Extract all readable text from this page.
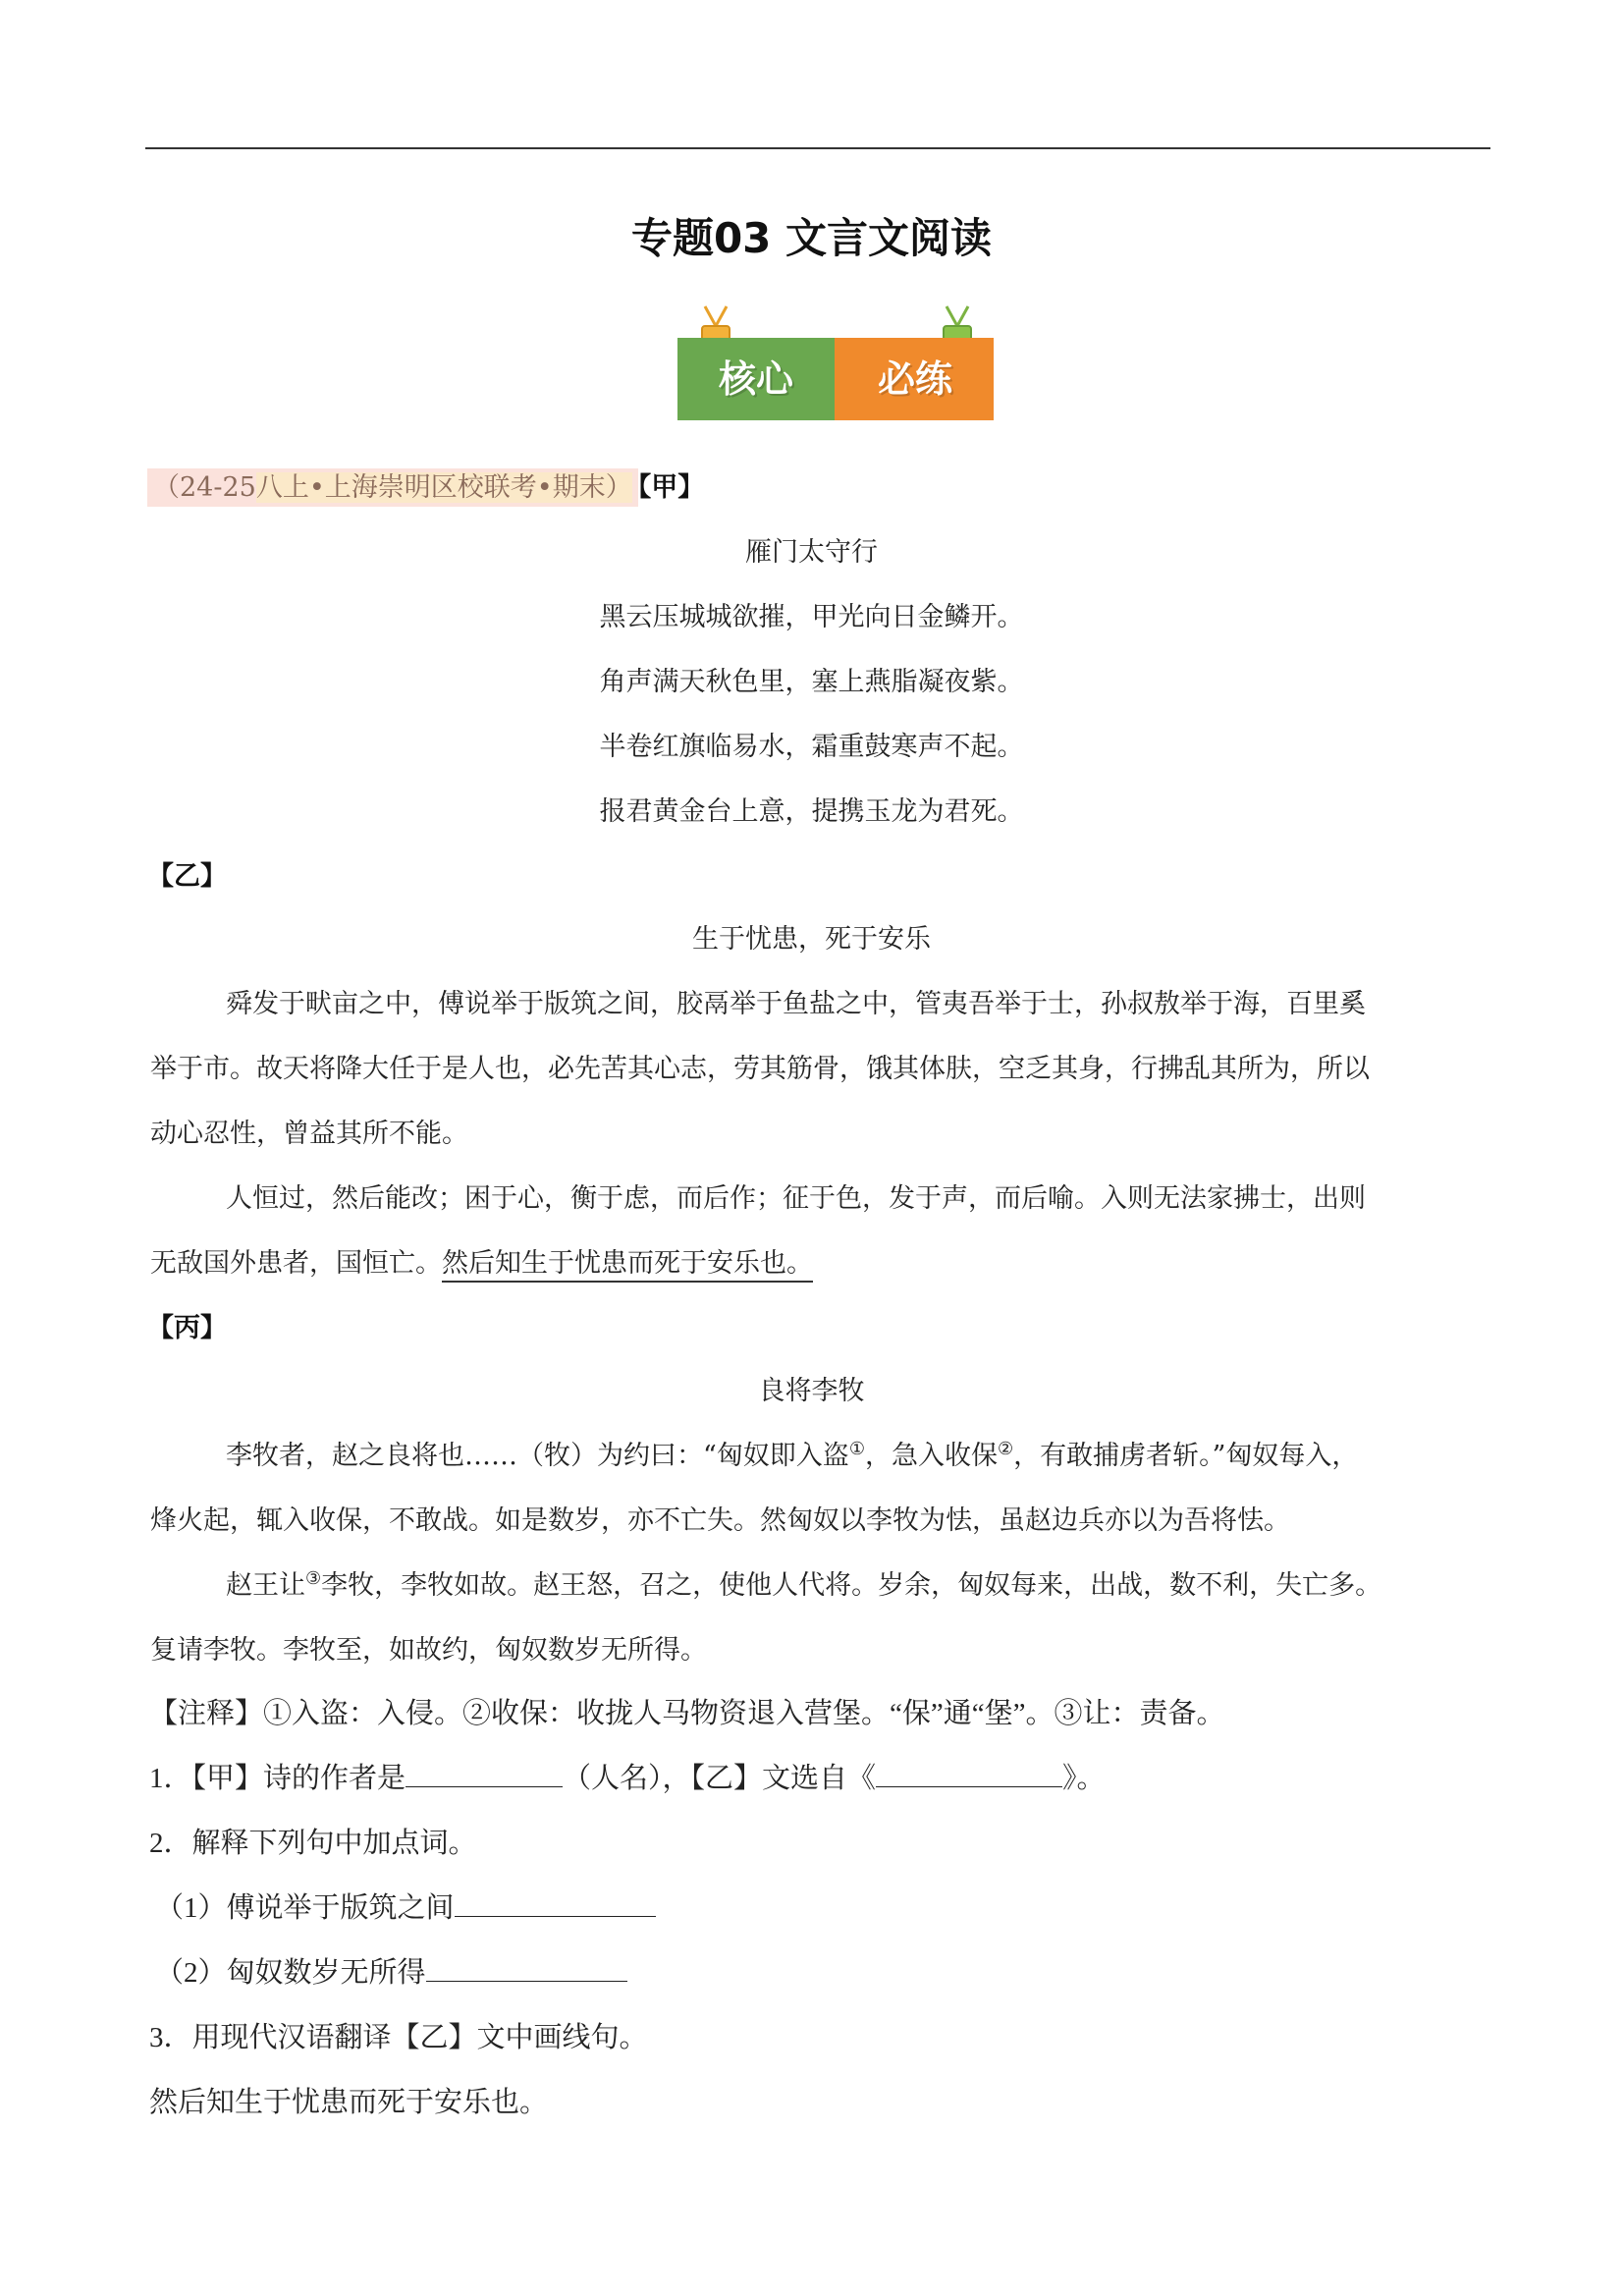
专题03 文言文阅读
核心	必练
（24-25八上•上海崇明区校联考•期末） 【甲】
雁门太守行
黑云压城城欲摧，甲光向日金鳞开。
角声满天秋色里，塞上燕脂凝夜紫。
半卷红旗临易水，霜重鼓寒声不起。
报君黄金台上意，提携玉龙为君死。
【乙】
生于忧患，死于安乐
舜发于畎亩之中，傅说举于版筑之间，胶鬲举于鱼盐之中，管夷吾举于士，孙叔敖举于海，百里奚
举于市。故天将降大任于是人也，必先苦其心志，劳其筋骨，饿其体肤，空乏其身，行拂乱其所为，所以
动心忍性，曾益其所不能。
人恒过，然后能改；困于心，衡于虑，而后作；征于色，发于声，而后喻。入则无法家拂士，出则
无敌国外患者，国恒亡。然后知生于忧患而死于安乐也。
【丙】
良将李牧
李牧者，赵之良将也……（牧）为约曰：“匈奴即入盗①，急入收保②，有敢捕虏者斩。”匈奴每入，
烽火起，辄入收保，不敢战。如是数岁，亦不亡失。然匈奴以李牧为怯，虽赵边兵亦以为吾将怯。
赵王让③李牧，李牧如故。赵王怒，召之，使他人代将。岁余，匈奴每来，出战，数不利，失亡多。
复请李牧。李牧至，如故约，匈奴数岁无所得。
【注释】①入盗：入侵。②收保：收拢人马物资退入营堡。“保”通“堡”。③让：责备。
1．【甲】诗的作者是	（人名），【乙】文选自《	》。
2．解释下列句中加点词。
（1）傅说举于版筑之间
（2）匈奴数岁无所得
3．用现代汉语翻译【乙】文中画线句。
然后知生于忧患而死于安乐也。
